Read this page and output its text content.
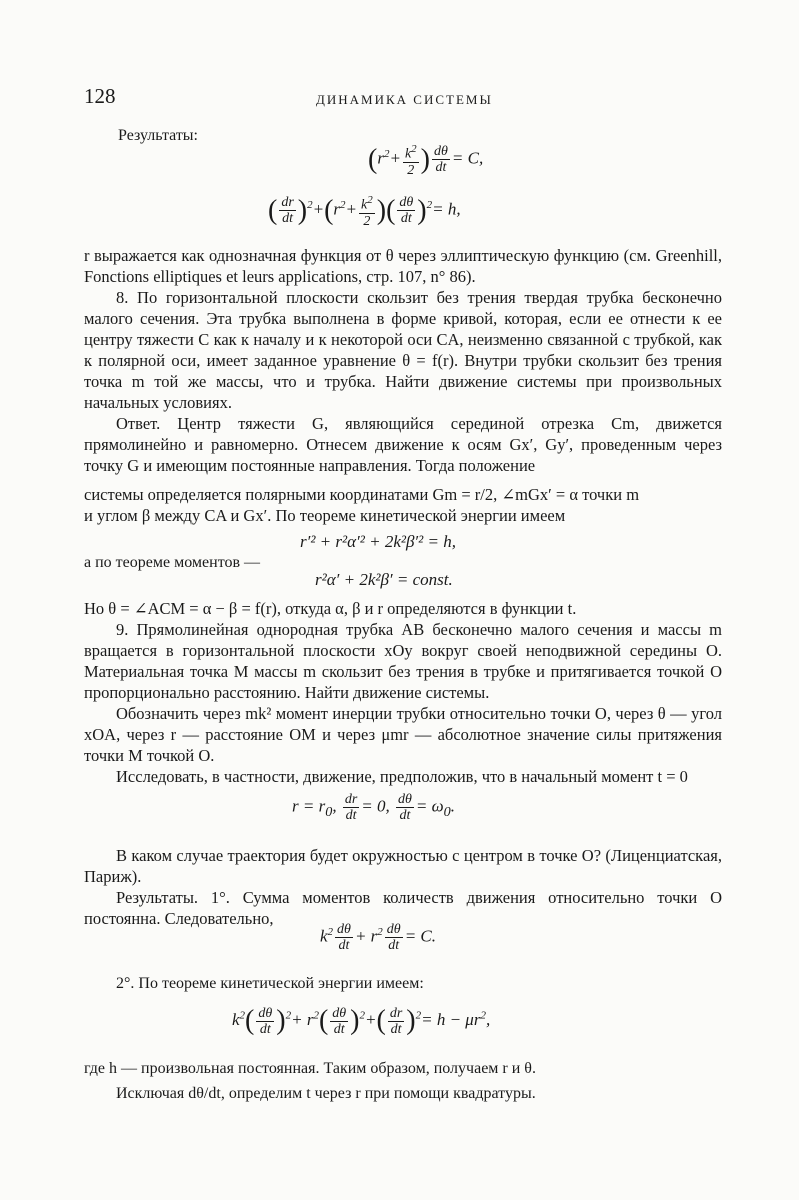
128	ДИНАМИКА СИСТЕМЫ
Результаты:
($r^2+ \frac{k^2}{2}$ ) $\frac{d\theta}{dt} = C$,
( $\frac{dr}{dt} )^2+(r^2+ \frac{k^2}{2}$ )( $\frac{d\theta}{dt} )^2= h$,

r выражается как однозначная функция от θ через эллиптическую функцию (см. Greenhill, Fonctions elliptiques et leurs applications, стр. 107, n° 86).

8. По горизонтальной плоскости скользит без трения твердая трубка бесконечно малого сечения. Эта трубка выполнена в форме кривой, которая, если ее отнести к ее центру тяжести C как к началу и к некоторой оси CA, неизменно связанной с трубкой, как к полярной оси, имеет заданное уравнение θ = f(r). Внутри трубки скользит без трения точка m той же массы, что и трубка. Найти движение системы при произвольных начальных условиях.

Ответ. Центр тяжести G, являющийся серединой отрезка Cm, движется прямолинейно и равномерно. Отнесем движение к осям Gx′, Gy′, проведенным через точку G и имеющим постоянные направления. Тогда положение

системы определяется полярными координатами Gm = r/2, ∠mGx′ = α точки m

и углом β между CA и Gx′. По теореме кинетической энергии имеем

r′² + r²α′² + 2k²β′² = h,
а по теореме моментов —
r²α′ + 2k²β′ = const.

Но θ = ∠ACM = α − β = f(r), откуда α, β и r определяются в функции t.

9. Прямолинейная однородная трубка AB бесконечно малого сечения и массы m вращается в горизонтальной плоскости xOy вокруг своей неподвижной середины O. Материальная точка M массы m скользит без трения в трубке и притягивается точкой O пропорционально расстоянию. Найти движение системы.

Обозначить через mk² момент инерции трубки относительно точки O, через θ — угол xOA, через r — расстояние OM и через μmr — абсолютное значение силы притяжения точки M точкой O.

Исследовать, в частности, движение, предположив, что в начальный момент t = 0

$r = r_0$, $\frac{dr}{dt} = 0$, $\frac{d\theta}{dt} = \omega_0$.

В каком случае траектория будет окружностью с центром в точке O? (Лиценциатская, Париж).

Результаты. 1°. Сумма моментов количеств движения относительно точки O постоянна. Следовательно,

$k^2 \frac{d\theta}{dt} + r^2 \frac{d\theta}{dt} = C$.
2°. По теореме кинетической энергии имеем:
$k^2( \frac{d\theta}{dt} )^2+ r^2( \frac{d\theta}{dt} )^2+( \frac{dr}{dt} )^2= h - \mu r^2$,
где h — произвольная постоянная. Таким образом, получаем r и θ.
Исключая dθ/dt, определим t через r при помощи квадратуры.
